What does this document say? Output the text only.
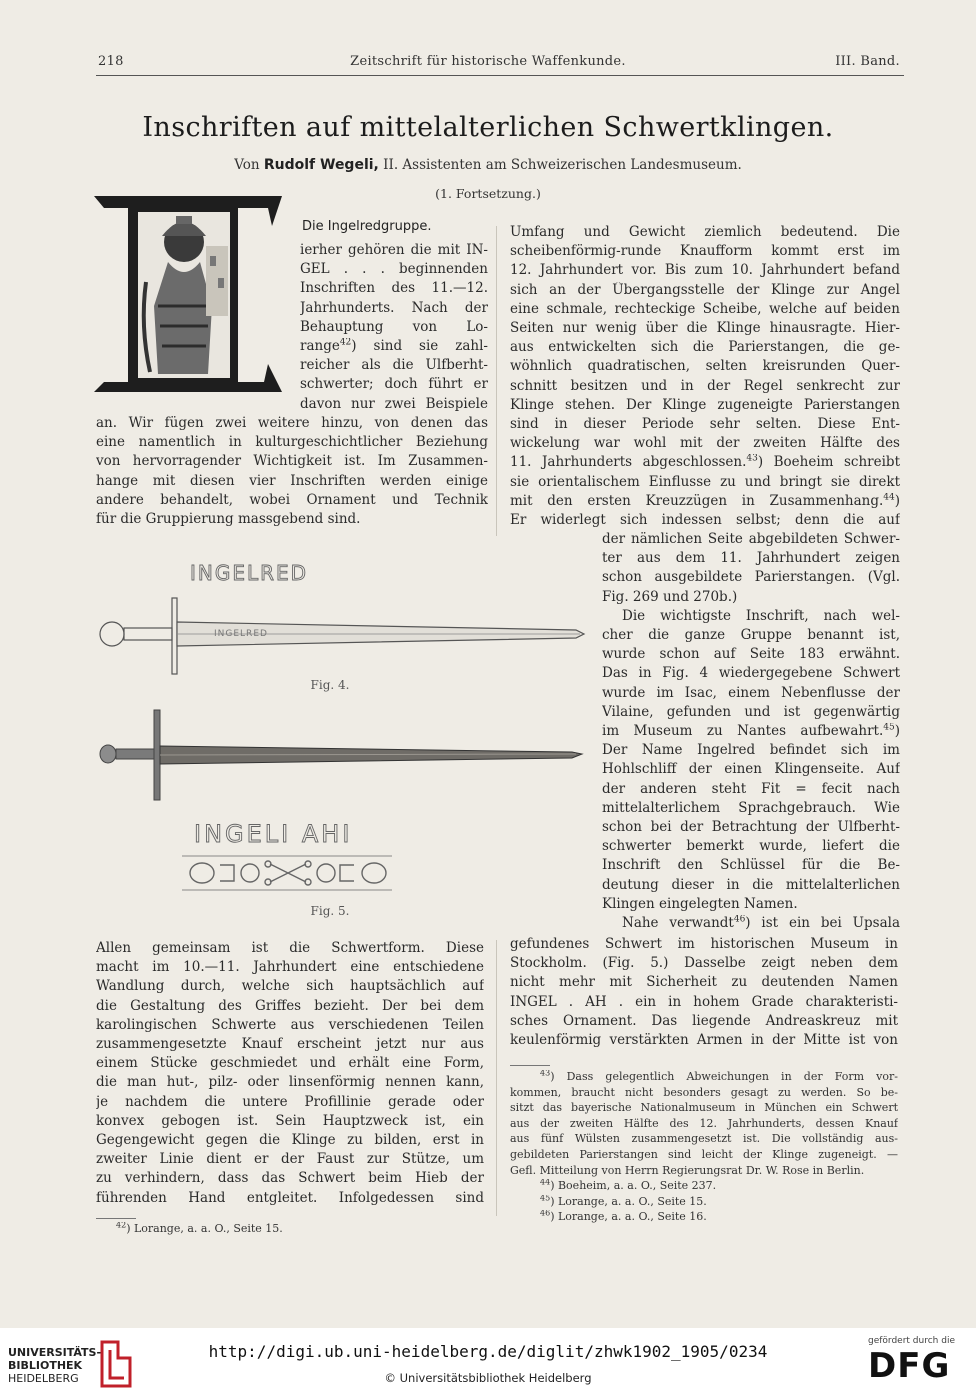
218	Zeitschrift für historische Waffenkunde.	III. Band.
Inschriften auf mittelalterlichen Schwertklingen.
Von Rudolf Wegeli, II. Assistenten am Schweizerischen Landesmuseum.
(1. Fortsetzung.)
Die Ingelredgruppe.
ierher gehören die mit IN-
GEL . . . beginnenden
Inschriften des 11.—12.
Jahrhunderts. Nach der
Behauptung von Lo-
range$^{42}$) sind sie zahl-
reicher als die Ulfberht-
schwerter; doch führt er
davon nur zwei Beispiele
an. Wir fügen zwei weitere hinzu, von denen das
eine namentlich in kulturgeschichtlicher Beziehung
von hervorragender Wichtigkeit ist. Im Zusammen-
hange mit diesen vier Inschriften werden einige
andere behandelt, wobei Ornament und Technik
für die Gruppierung massgebend sind.
INGELRED
INGELRED
Fig. 4.
INGELI AHI
Fig. 5.
Allen gemeinsam ist die Schwertform. Diese
macht im 10.—11. Jahrhundert eine entschiedene
Wandlung durch, welche sich hauptsächlich auf
die Gestaltung des Griffes bezieht. Der bei dem
karolingischen Schwerte aus verschiedenen Teilen
zusammengesetzte Knauf erscheint jetzt nur aus
einem Stücke geschmiedet und erhält eine Form,
die man hut-, pilz- oder linsenförmig nennen kann,
je nachdem die untere Profillinie gerade oder
konvex gebogen ist. Sein Hauptzweck ist, ein
Gegengewicht gegen die Klinge zu bilden, erst in
zweiter Linie dient er der Faust zur Stütze, um
zu verhindern, dass das Schwert beim Hieb der
führenden Hand entgleitet. Infolgedessen sind
$^{42}$) Lorange, a. a. O., Seite 15.
Umfang und Gewicht ziemlich bedeutend. Die
scheibenförmig-runde Knaufform kommt erst im
12. Jahrhundert vor. Bis zum 10. Jahrhundert befand
sich an der Übergangsstelle der Klinge zur Angel
eine schmale, rechteckige Scheibe, welche auf beiden
Seiten nur wenig über die Klinge hinausragte. Hier-
aus entwickelten sich die Parierstangen, die ge-
wöhnlich quadratischen, selten kreisrunden Quer-
schnitt besitzen und in der Regel senkrecht zur
Klinge stehen. Der Klinge zugeneigte Parierstangen
sind in dieser Periode sehr selten. Diese Ent-
wickelung war wohl mit der zweiten Hälfte des
11. Jahrhunderts abgeschlossen.$^{43}$) Boeheim schreibt
sie orientalischem Einflusse zu und bringt sie direkt
mit den ersten Kreuzzügen in Zusammenhang.$^{44}$)
Er widerlegt sich indessen selbst; denn die auf
der nämlichen Seite abgebildeten Schwer-
ter aus dem 11. Jahrhundert zeigen
schon ausgebildete Parierstangen. (Vgl.
Fig. 269 und 270b.)
Die wichtigste Inschrift, nach wel-
cher die ganze Gruppe benannt ist,
wurde schon auf Seite 183 erwähnt.
Das in Fig. 4 wiedergegebene Schwert
wurde im Isac, einem Nebenflusse der
Vilaine, gefunden und ist gegenwärtig
im Museum zu Nantes aufbewahrt.$^{45}$)
Der Name Ingelred befindet sich im
Hohlschliff der einen Klingenseite. Auf
der anderen steht Fit = fecit nach
mittelalterlichem Sprachgebrauch. Wie
schon bei der Betrachtung der Ulfberht-
schwerter bemerkt wurde, liefert die
Inschrift den Schlüssel für die Be-
deutung dieser in die mittelalterlichen
Klingen eingelegten Namen.
Nahe verwandt$^{46}$) ist ein bei Upsala
gefundenes Schwert im historischen Museum in
Stockholm. (Fig. 5.) Dasselbe zeigt neben dem
nicht mehr mit Sicherheit zu deutenden Namen
INGEL . AH . ein in hohem Grade charakteristi-
sches Ornament. Das liegende Andreaskreuz mit
keulenförmig verstärkten Armen in der Mitte ist von
$^{43}$) Dass gelegentlich Abweichungen in der Form vor-
kommen, braucht nicht besonders gesagt zu werden. So be-
sitzt das bayerische Nationalmuseum in München ein Schwert
aus der zweiten Hälfte des 12. Jahrhunderts, dessen Knauf
aus fünf Wülsten zusammengesetzt ist. Die vollständig aus-
gebildeten Parierstangen sind leicht der Klinge zugeneigt. —
Gefl. Mitteilung von Herrn Regierungsrat Dr. W. Rose in Berlin.
$^{44}$) Boeheim, a. a. O., Seite 237.
$^{45}$) Lorange, a. a. O., Seite 15.
$^{46}$) Lorange, a. a. O., Seite 16.
UNIVERSITÄTS-
BIBLIOTHEK
HEIDELBERG
http://digi.ub.uni-heidelberg.de/diglit/zhwk1902_1905/0234
© Universitätsbibliothek Heidelberg
gefördert durch die
DFG
